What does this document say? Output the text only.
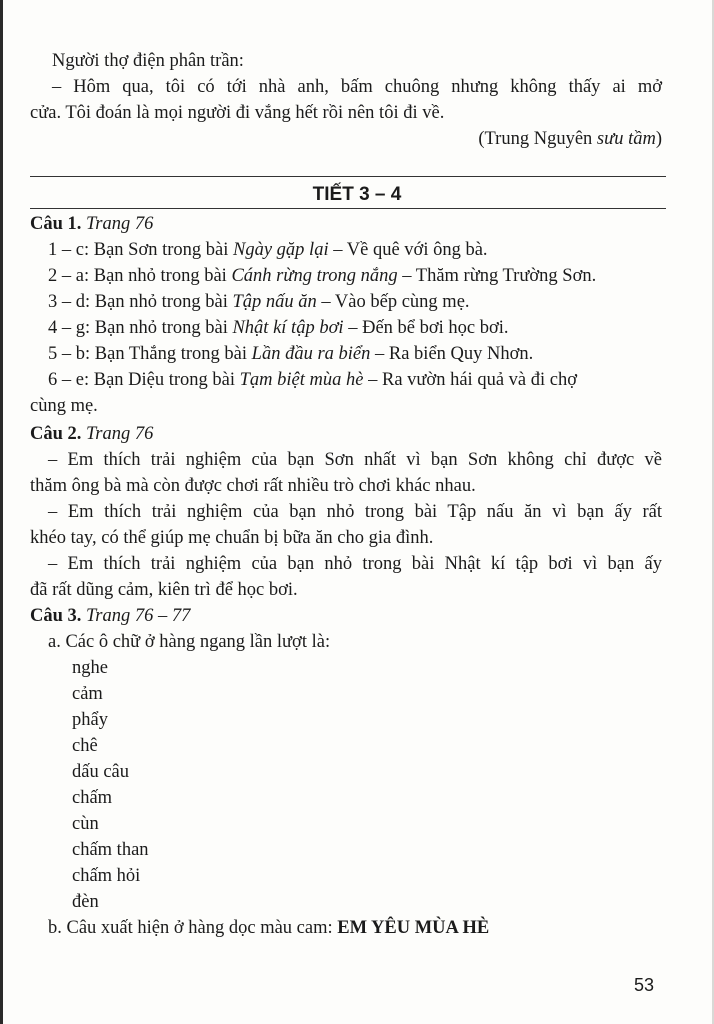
Người thợ điện phân trần:
– Hôm qua, tôi có tới nhà anh, bấm chuông nhưng không thấy ai mở
cửa. Tôi đoán là mọi người đi vắng hết rồi nên tôi đi về.
(Trung Nguyên sưu tầm)
TIẾT 3 – 4
Câu 1. Trang 76
1 – c: Bạn Sơn trong bài Ngày gặp lại – Về quê với ông bà.
2 – a: Bạn nhỏ trong bài Cánh rừng trong nắng – Thăm rừng Trường Sơn.
3 – d: Bạn nhỏ trong bài Tập nấu ăn – Vào bếp cùng mẹ.
4 – g: Bạn nhỏ trong bài Nhật kí tập bơi – Đến bể bơi học bơi.
5 – b: Bạn Thắng trong bài Lần đầu ra biển – Ra biển Quy Nhơn.
6 – e: Bạn Diệu trong bài Tạm biệt mùa hè – Ra vườn hái quả và đi chợ
cùng mẹ.
Câu 2. Trang 76
– Em thích trải nghiệm của bạn Sơn nhất vì bạn Sơn không chỉ được về
thăm ông bà mà còn được chơi rất nhiều trò chơi khác nhau.
– Em thích trải nghiệm của bạn nhỏ trong bài Tập nấu ăn vì bạn ấy rất
khéo tay, có thể giúp mẹ chuẩn bị bữa ăn cho gia đình.
– Em thích trải nghiệm của bạn nhỏ trong bài Nhật kí tập bơi vì bạn ấy
đã rất dũng cảm, kiên trì để học bơi.
Câu 3. Trang 76 – 77
a. Các ô chữ ở hàng ngang lần lượt là:
nghe
cảm
phẩy
chê
dấu câu
chấm
cùn
chấm than
chấm hỏi
đèn
b. Câu xuất hiện ở hàng dọc màu cam: EM YÊU MÙA HÈ
53
